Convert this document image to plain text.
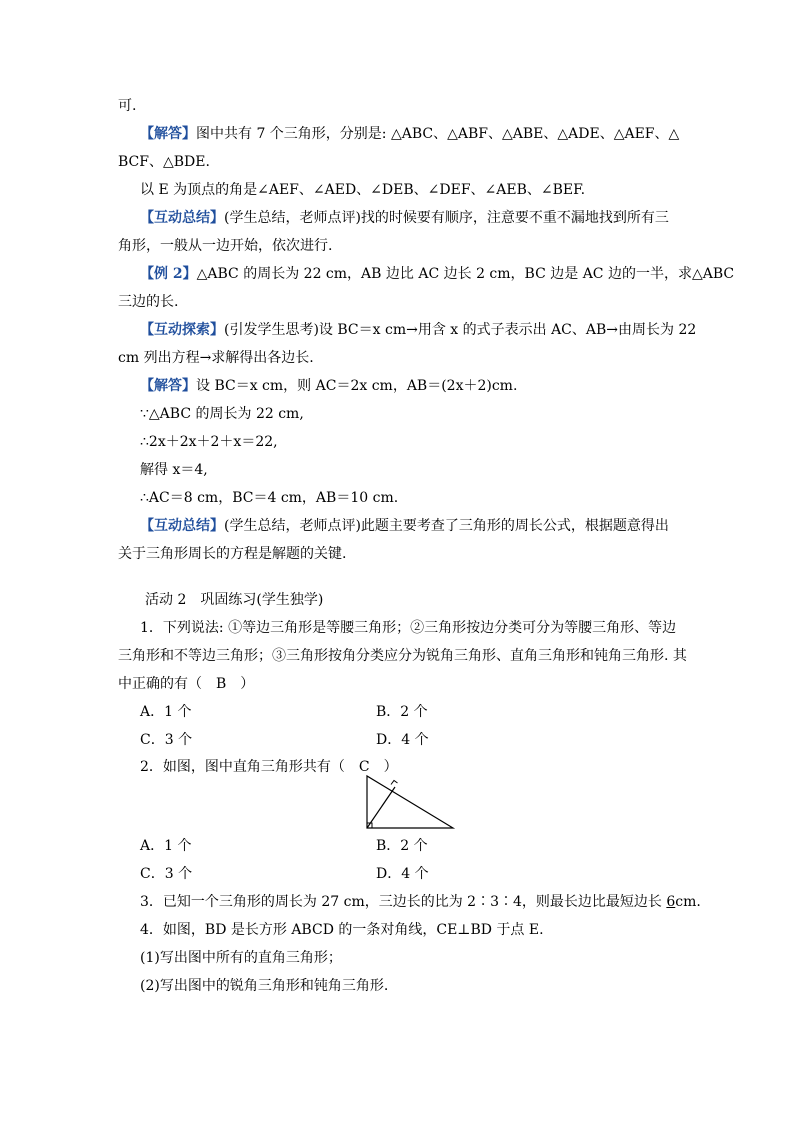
可.
【解答】图中共有 7 个三角形，分别是: △ABC、△ABF、△ABE、△ADE、△AEF、△
BCF、△BDE.
以 E 为顶点的角是∠AEF、∠AED、∠DEB、∠DEF、∠AEB、∠BEF.
【互动总结】(学生总结，老师点评)找的时候要有顺序，注意要不重不漏地找到所有三
角形，一般从一边开始，依次进行.
【例 2】△ABC 的周长为 22 cm，AB 边比 AC 边长 2 cm，BC 边是 AC 边的一半，求△ABC
三边的长.
【互动探索】(引发学生思考)设 BC＝x cm→用含 x 的式子表示出 AC、AB→由周长为 22
cm 列出方程→求解得出各边长.
【解答】设 BC＝x cm，则 AC＝2x cm，AB＝(2x＋2)cm.
∵△ABC 的周长为 22 cm,
∴2x＋2x＋2＋x＝22,
解得 x＝4,
∴AC＝8 cm，BC＝4 cm，AB＝10 cm.
【互动总结】(学生总结，老师点评)此题主要考查了三角形的周长公式，根据题意得出
关于三角形周长的方程是解题的关键.
活动 2　巩固练习(学生独学)
1．下列说法: ①等边三角形是等腰三角形；②三角形按边分类可分为等腰三角形、等边
三角形和不等边三角形；③三角形按角分类应分为锐角三角形、直角三角形和钝角三角形. 其
中正确的有（　B　）
A．1 个	B．2 个
C．3 个	D．4 个
2．如图，图中直角三角形共有（　C　）
A．1 个	B．2 个
C．3 个	D．4 个
3．已知一个三角形的周长为 27 cm，三边长的比为 2∶3∶4，则最长边比最短边长 6cm.
4．如图，BD 是长方形 ABCD 的一条对角线，CE⊥BD 于点 E.
(1)写出图中所有的直角三角形；
(2)写出图中的锐角三角形和钝角三角形.
